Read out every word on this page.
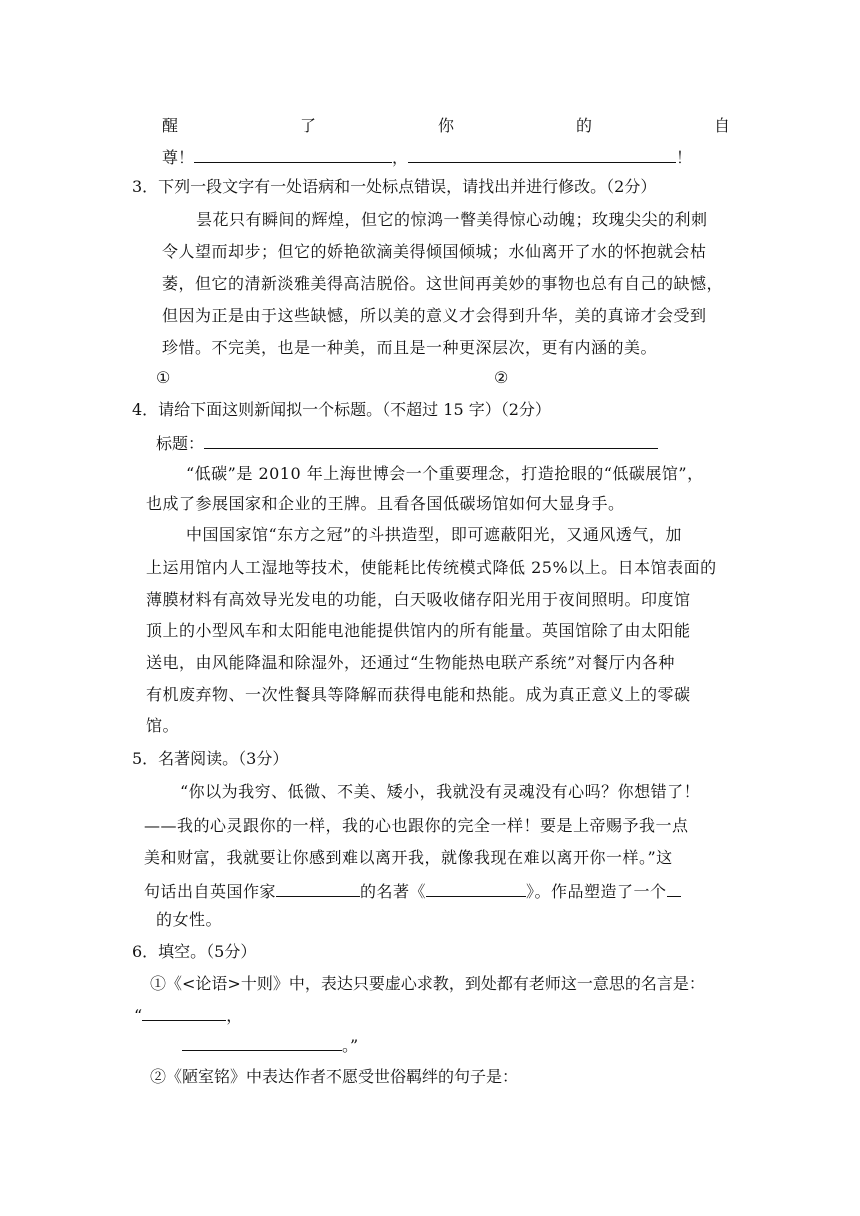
醒	了	你	的	自
尊！	，	！
3．下列一段文字有一处语病和一处标点错误，请找出并进行修改。（2分）
昙花只有瞬间的辉煌，但它的惊鸿一瞥美得惊心动魄；玫瑰尖尖的利刺
令人望而却步；但它的娇艳欲滴美得倾国倾城；水仙离开了水的怀抱就会枯
萎，但它的清新淡雅美得高洁脱俗。这世间再美妙的事物也总有自己的缺憾，
但因为正是由于这些缺憾，所以美的意义才会得到升华，美的真谛才会受到
珍惜。不完美，也是一种美，而且是一种更深层次，更有内涵的美。
①	②
4．请给下面这则新闻拟一个标题。（不超过 15 字）（2分）
标题：
“低碳”是 2010 年上海世博会一个重要理念，打造抢眼的“低碳展馆”，
也成了参展国家和企业的王牌。且看各国低碳场馆如何大显身手。
中国国家馆“东方之冠”的斗拱造型，即可遮蔽阳光，又通风透气，加
上运用馆内人工湿地等技术，使能耗比传统模式降低 25%以上。日本馆表面的
薄膜材料有高效导光发电的功能，白天吸收储存阳光用于夜间照明。印度馆
顶上的小型风车和太阳能电池能提供馆内的所有能量。英国馆除了由太阳能
送电，由风能降温和除湿外，还通过“生物能热电联产系统”对餐厅内各种
有机废弃物、一次性餐具等降解而获得电能和热能。成为真正意义上的零碳
馆。
5．名著阅读。（3分）
“你以为我穷、低微、不美、矮小，我就没有灵魂没有心吗？你想错了！
——我的心灵跟你的一样，我的心也跟你的完全一样！要是上帝赐予我一点
美和财富，我就要让你感到难以离开我，就像我现在难以离开你一样。”这
句话出自英国作家	的名著《	》。作品塑造了一个
的女性。
6．填空。（5分）
①《<论语>十则》中，表达只要虚心求教，到处都有老师这一意思的名言是：
“	，
。”
②《陋室铭》中表达作者不愿受世俗羁绊的句子是：
